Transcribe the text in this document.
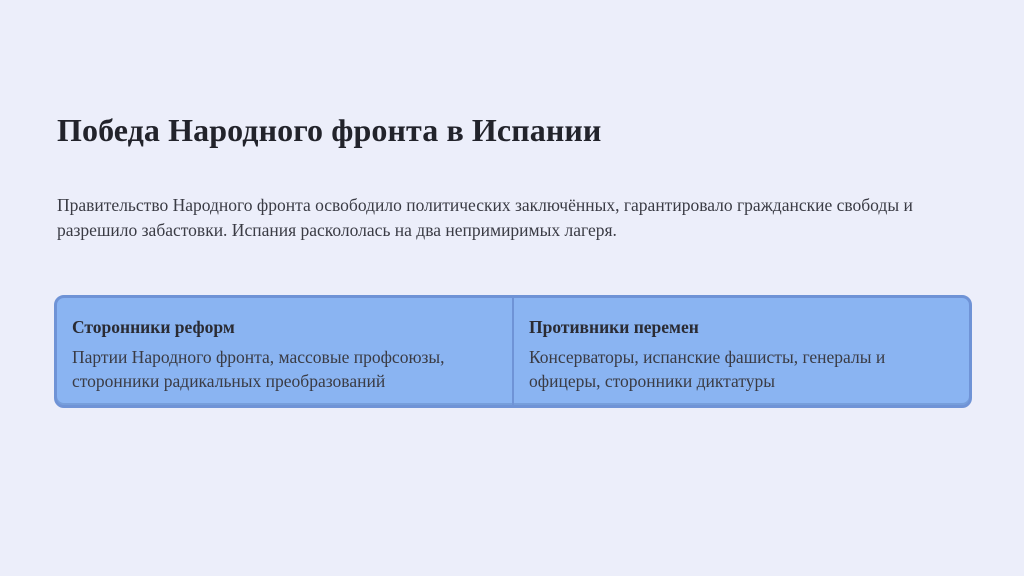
Победа Народного фронта в Испании

Правительство Народного фронта освободило политических заключённых, гарантировало гражданские свободы и разрешило забастовки. Испания раскололась на два непримиримых лагеря.

Сторонники реформ

Партии Народного фронта, массовые профсоюзы, сторонники радикальных преобразований

Противники перемен

Консерваторы, испанские фашисты, генералы и офицеры, сторонники диктатуры
